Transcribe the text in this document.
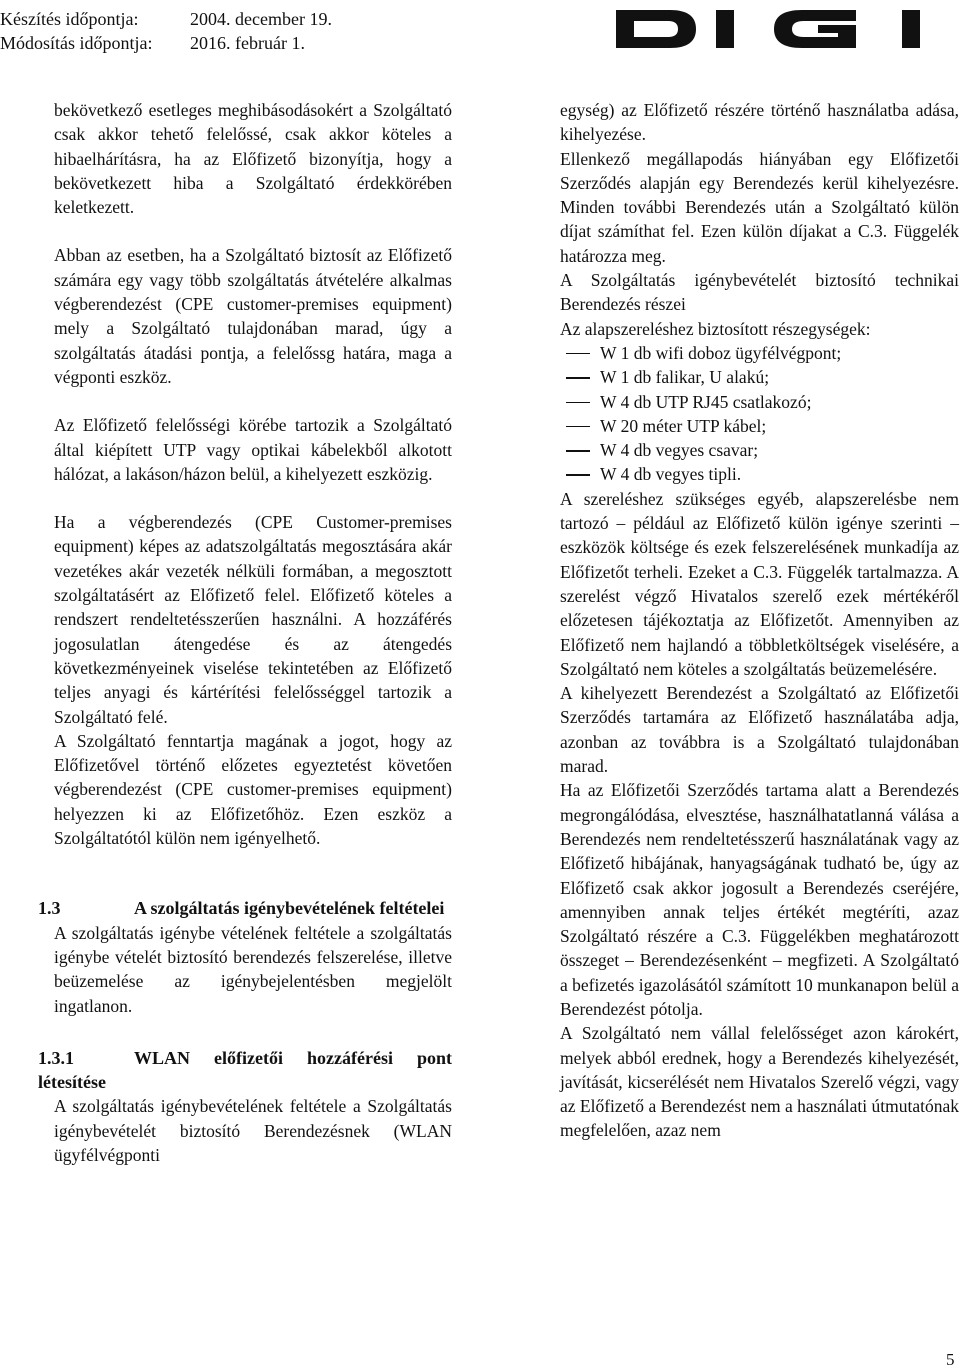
Készítés időpontja:	2004. december 19.
Módosítás időpontja:	2016. február 1.

bekövetkező esetleges meghibásodásokért a Szolgáltató csak akkor tehető felelőssé, csak akkor köteles a hibaelhárításra, ha az Előfizető bizonyítja, hogy a bekövetkezett hiba a Szolgáltató érdekkörében keletkezett.

Abban az esetben, ha a Szolgáltató biztosít az Előfizető számára egy vagy több szolgáltatás átvételére alkalmas végberendezést (CPE customer-premises equipment) mely a Szolgáltató tulajdonában marad, úgy a szolgáltatás átadási pontja, a felelőssg határa, maga a végponti eszköz.

Az Előfizető felelősségi körébe tartozik a Szolgáltató által kiépített UTP vagy optikai kábelekből alkotott hálózat, a lakáson/házon belül, a kihelyezett eszközig.

Ha a végberendezés (CPE Customer-premises equipment) képes az adatszolgáltatás megosztására akár vezetékes akár vezeték nélküli formában, a megosztott szolgáltatásért az Előfizető felel. Előfizető köteles a rendszert rendeltetésszerűen használni. A hozzáférés jogosulatlan átengedése és az átengedés következményeinek viselése tekintetében az Előfizető teljes anyagi és kártérítési felelősséggel tartozik a Szolgáltató felé.

A Szolgáltató fenntartja magának a jogot, hogy az Előfizetővel történő előzetes egyeztetést követően végberendezést (CPE customer-premises equipment) helyezzen ki az Előfizetőhöz. Ezen eszköz a Szolgáltatótól külön nem igényelhető.

1.3	A szolgáltatás igénybevételének feltételei

A szolgáltatás igénybe vételének feltétele a szolgáltatás igénybe vételét biztosító berendezés felszerelése, illetve beüzemelése az igénybejelentésben megjelölt ingatlanon.

1.3.1	WLAN előfizetői hozzáférési pont létesítése

A szolgáltatás igénybevételének feltétele a Szolgáltatás igénybevételét biztosító Berendezésnek (WLAN ügyfélvégponti

egység) az Előfizető részére történő használatba adása, kihelyezése.

Ellenkező megállapodás hiányában egy Előfizetői Szerződés alapján egy Berendezés kerül kihelyezésre. Minden további Berendezés után a Szolgáltató külön díjat számíthat fel. Ezen külön díjakat a C.3. Függelék határozza meg.

A Szolgáltatás igénybevételét biztosító technikai Berendezés részei

Az alapszereléshez biztosított részegységek:

W 1 db wifi doboz ügyfélvégpont;
W 1 db falikar, U alakú;
W 4 db UTP RJ45 csatlakozó;
W 20 méter UTP kábel;
W 4 db vegyes csavar;
W 4 db vegyes tipli.

A szereléshez szükséges egyéb, alapszerelésbe nem tartozó – például az Előfizető külön igénye szerinti – eszközök költsége és ezek felszerelésének munkadíja az Előfizetőt terheli. Ezeket a C.3. Függelék tartalmazza. A szerelést végző Hivatalos szerelő ezek mértékéről előzetesen tájékoztatja az Előfizetőt. Amennyiben az Előfizető nem hajlandó a többletköltségek viselésére, a Szolgáltató nem köteles a szolgáltatás beüzemelésére.

A kihelyezett Berendezést a Szolgáltató az Előfizetői Szerződés tartamára az Előfizető használatába adja, azonban az továbbra is a Szolgáltató tulajdonában marad.

Ha az Előfizetői Szerződés tartama alatt a Berendezés megrongálódása, elvesztése, használhatatlanná válása a Berendezés nem rendeltetésszerű használatának vagy az Előfizető hibájának, hanyagságának tudható be, úgy az Előfizető csak akkor jogosult a Berendezés cseréjére, amennyiben annak teljes értékét megtéríti, azaz Szolgáltató részére a C.3. Függelékben meghatározott összeget – Berendezésenként – megfizeti. A Szolgáltató a befizetés igazolásától számított 10 munkanapon belül a Berendezést pótolja.

A Szolgáltató nem vállal felelősséget azon károkért, melyek abból erednek, hogy a Berendezés kihelyezését, javítását, kicserélését nem Hivatalos Szerelő végzi, vagy az Előfizető a Berendezést nem a használati útmutatónak megfelelően, azaz nem

5
